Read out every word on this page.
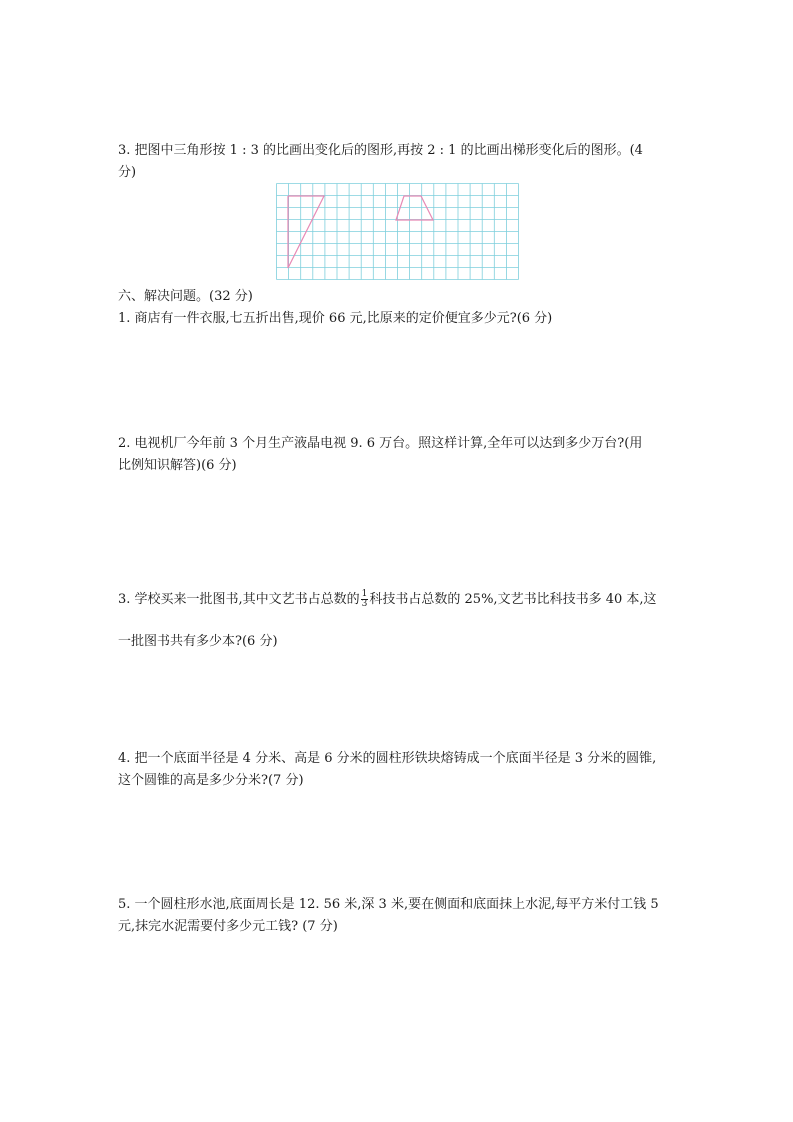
3. 把图中三角形按 1 : 3 的比画出变化后的图形,再按 2 : 1 的比画出梯形变化后的图形。(4
分)
六、解决问题。(32 分)
1. 商店有一件衣服,七五折出售,现价 66 元,比原来的定价便宜多少元?(6 分)
2. 电视机厂今年前 3 个月生产液晶电视 9. 6 万台。照这样计算,全年可以达到多少万台?(用
比例知识解答)(6 分)
3. 学校买来一批图书,其中文艺书占总数的 $\frac{1}{3}$ 科技书占总数的 25%,文艺书比科技书多 40 本,这
一批图书共有多少本?(6 分)
4. 把一个底面半径是 4 分米、高是 6 分米的圆柱形铁块熔铸成一个底面半径是 3 分米的圆锥,
这个圆锥的高是多少分米?(7 分)
5. 一个圆柱形水池,底面周长是 12. 56 米,深 3 米,要在侧面和底面抹上水泥,每平方米付工钱 5
元,抹完水泥需要付多少元工钱? (7 分)
